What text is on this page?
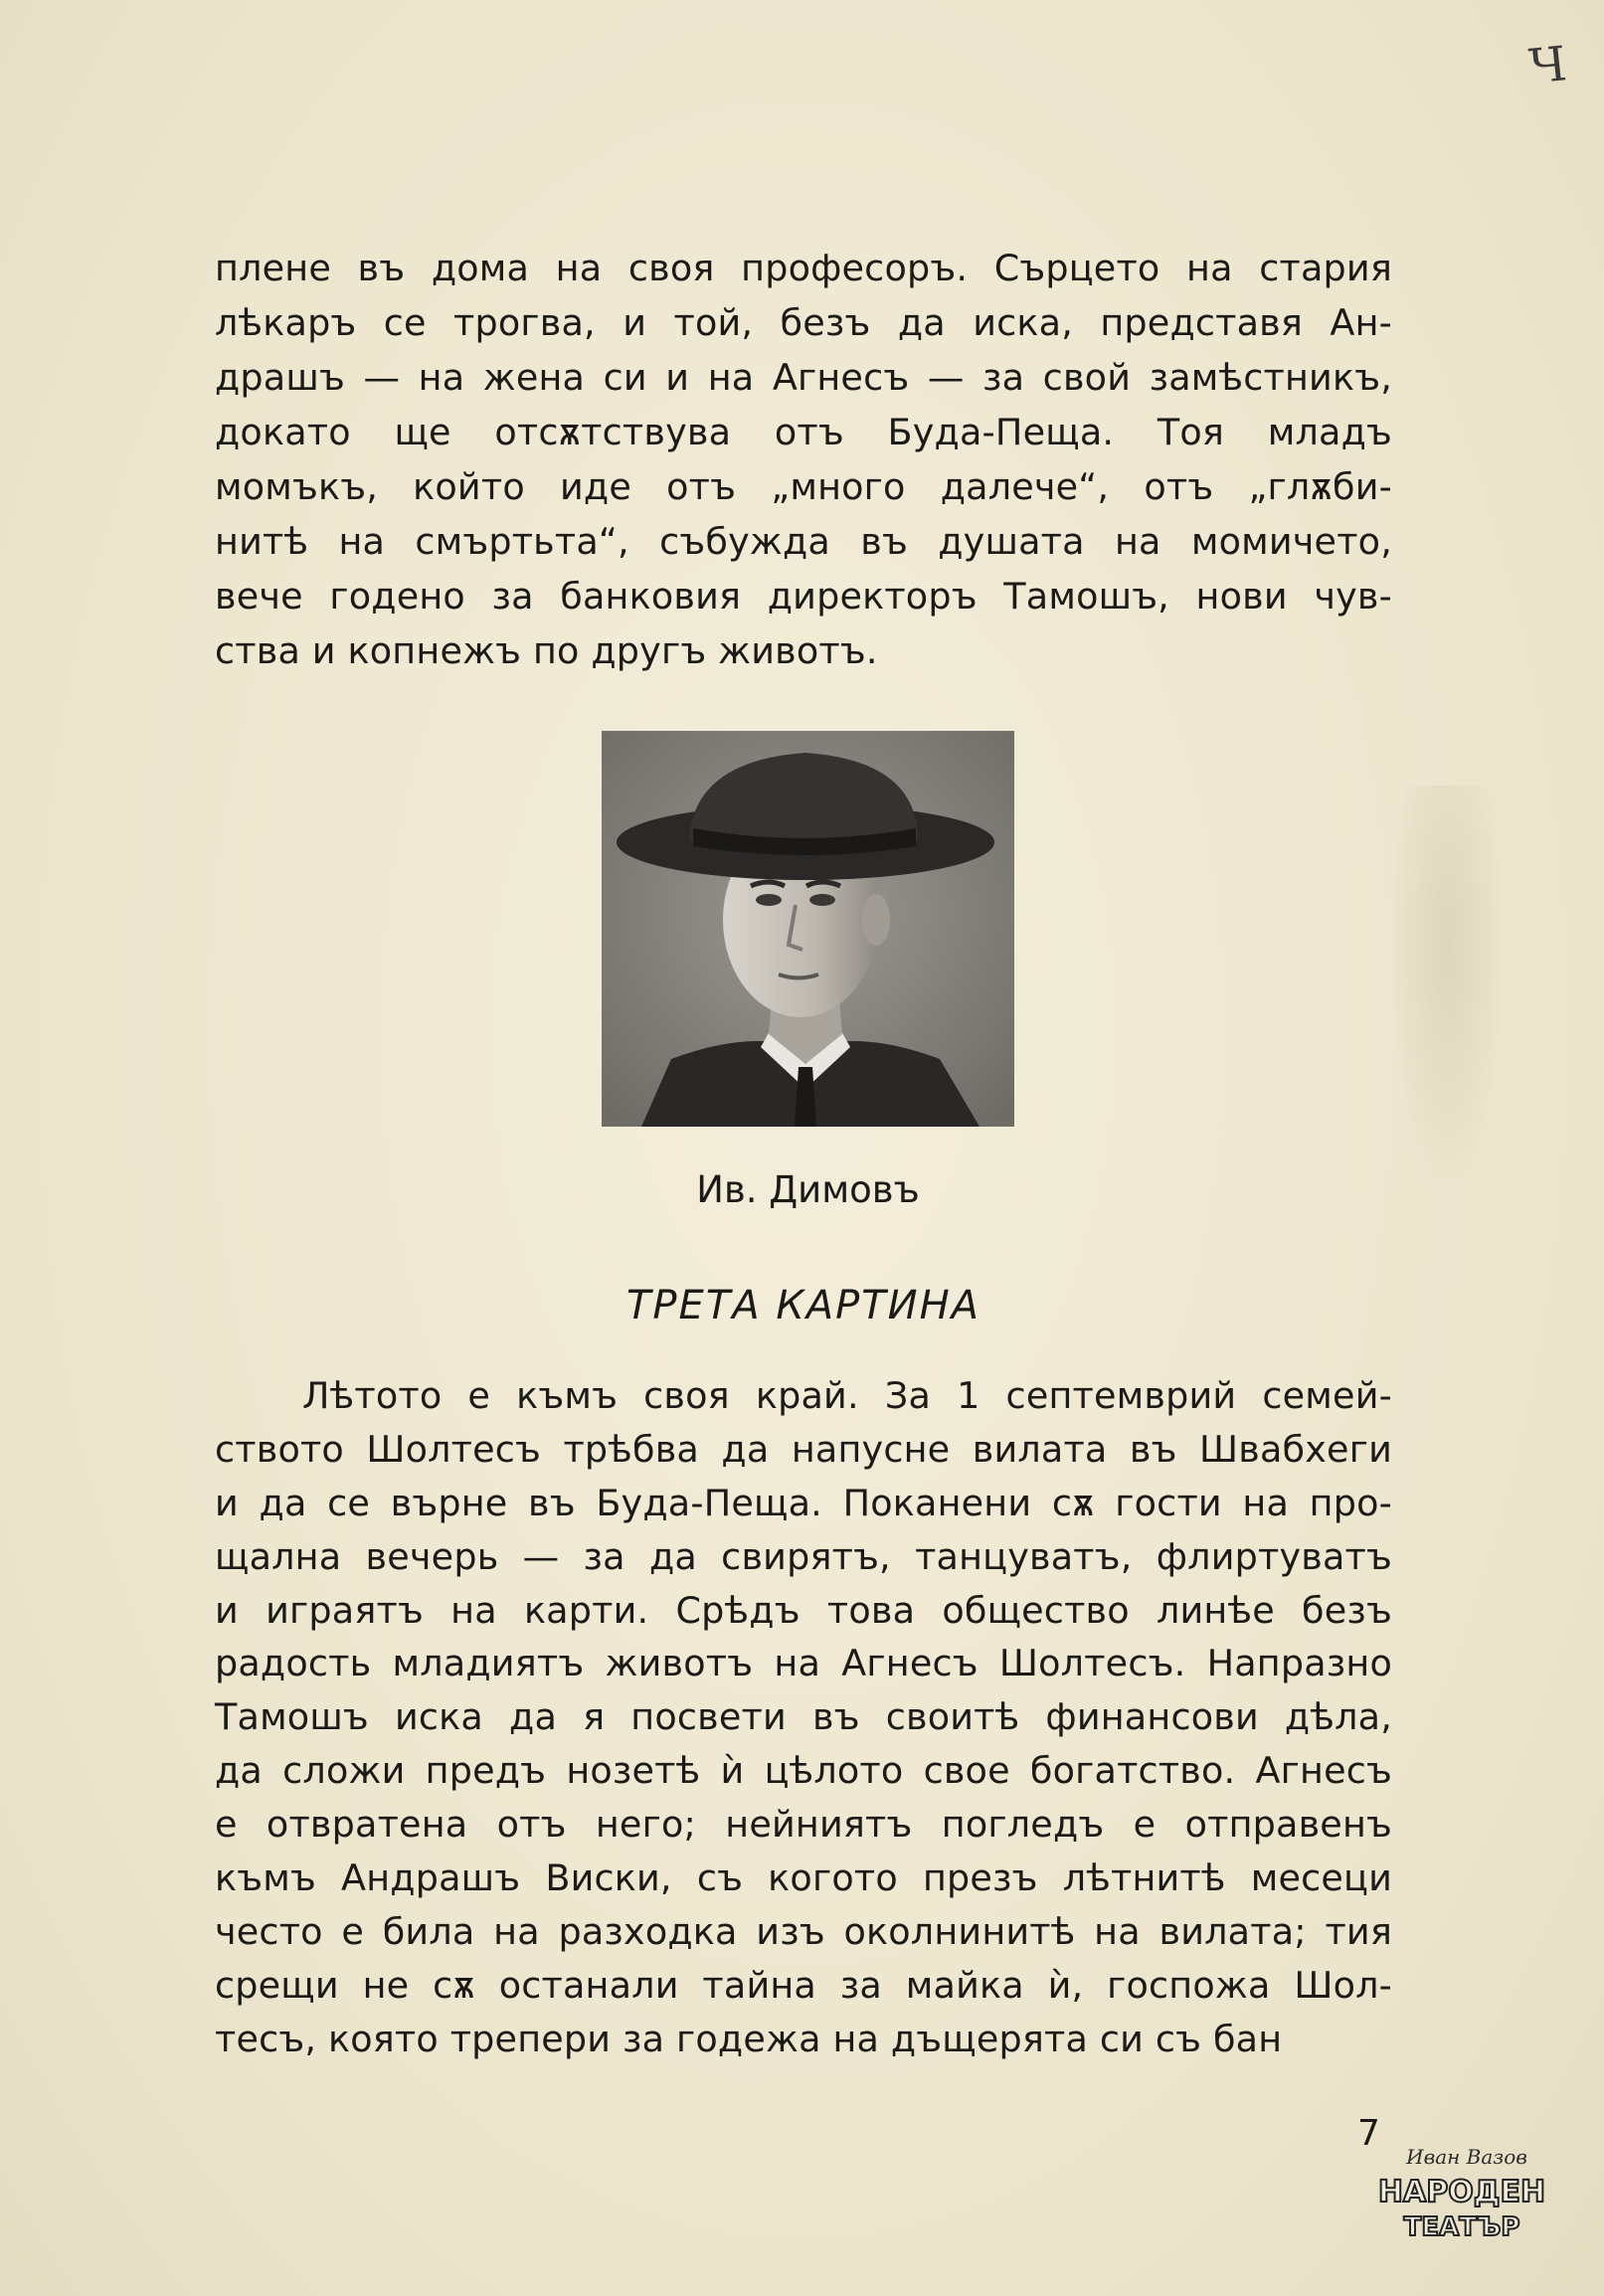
Ч
плене въ дома на своя професоръ. Сърцето на стария
лѣкаръ се трогва, и той, безъ да иска, представя Ан-
драшъ — на жена си и на Агнесъ — за свой замѣстникъ,
докато ще отсѫтствува отъ Буда-Пеща. Тоя младъ
момъкъ, който иде отъ „много далече“, отъ „глѫби-
нитѣ на смъртьта“, събужда въ душата на момичето,
вече годено за банковия директоръ Тамошъ, нови чув-
ства и копнежъ по другъ животъ.
Ив. Димовъ
ТРЕТА КАРТИНА
Лѣтото е къмъ своя край. За 1 септемврий семей-
ството Шолтесъ трѣбва да напусне вилата въ Швабхеги
и да се върне въ Буда-Пеща. Поканени сѫ гости на про-
щална вечерь — за да свирятъ, танцуватъ, флиртуватъ
и играятъ на карти. Срѣдъ това общество линѣе безъ
радость младиятъ животъ на Агнесъ Шолтесъ. Напразно
Тамошъ иска да я посвети въ своитѣ финансови дѣла,
да сложи предъ нозетѣ ѝ цѣлото свое богатство. Агнесъ
е отвратена отъ него; нейниятъ погледъ е отправенъ
къмъ Андрашъ Виски, съ когото презъ лѣтнитѣ месеци
често е била на разходка изъ околнинитѣ на вилата; тия
срещи не сѫ останали тайна за майка ѝ, госпожа Шол-
тесъ, която трепери за годежа на дъщерята си съ бан
7
Иван Вазов
НАРОДЕН
ТЕАТЪР
